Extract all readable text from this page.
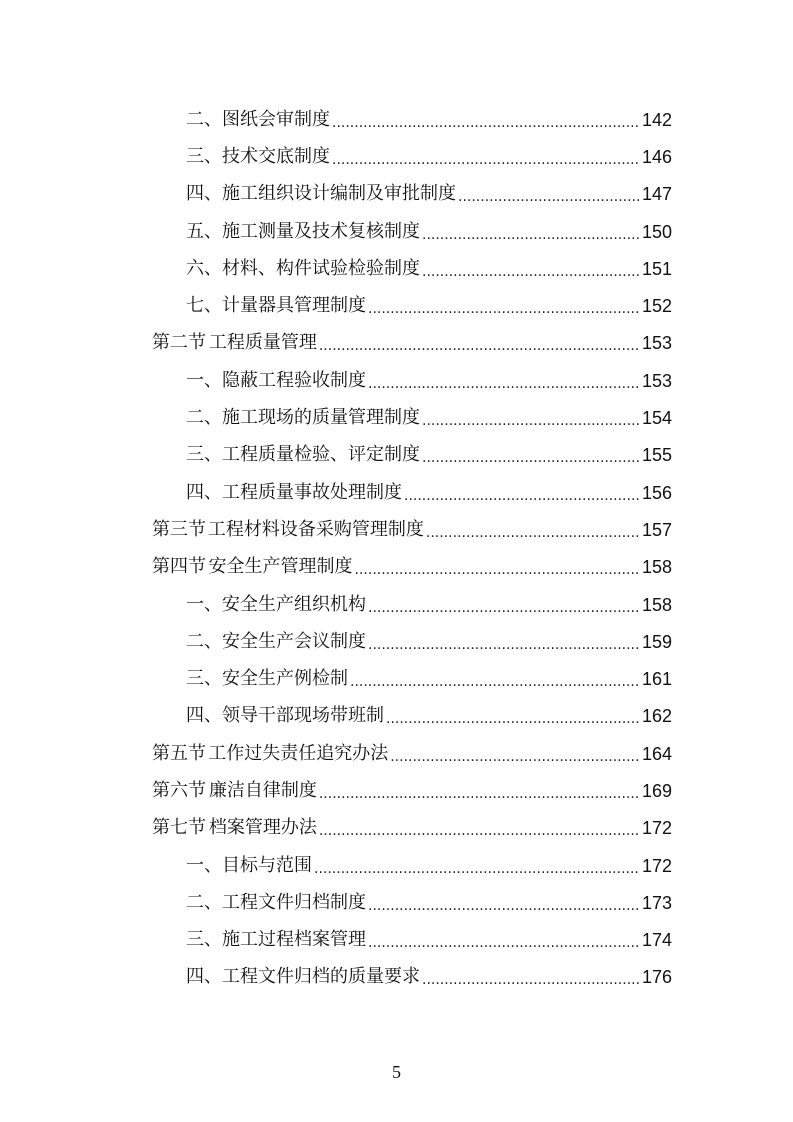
二、 图纸会审制度 .....	142
三、 技术交底制度 .....	146
四、 施工组织设计编制及审批制度 .....	147
五、 施工测量及技术复核制度 .....	150
六、 材料、构件试验检验制度 .....	151
七、 计量器具管理制度 .....	152
第二节 工程质量管理 .....	153
一、 隐蔽工程验收制度 .....	153
二、 施工现场的质量管理制度 .....	154
三、 工程质量检验、评定制度 .....	155
四、 工程质量事故处理制度 .....	156
第三节 工程材料设备采购管理制度 .....	157
第四节 安全生产管理制度 .....	158
一、 安全生产组织机构 .....	158
二、 安全生产会议制度 .....	159
三、 安全生产例检制 .....	161
四、 领导干部现场带班制 .....	162
第五节 工作过失责任追究办法 .....	164
第六节 廉洁自律制度 .....	169
第七节 档案管理办法 .....	172
一、 目标与范围 .....	172
二、 工程文件归档制度 .....	173
三、 施工过程档案管理 .....	174
四、 工程文件归档的质量要求 .....	176
5
